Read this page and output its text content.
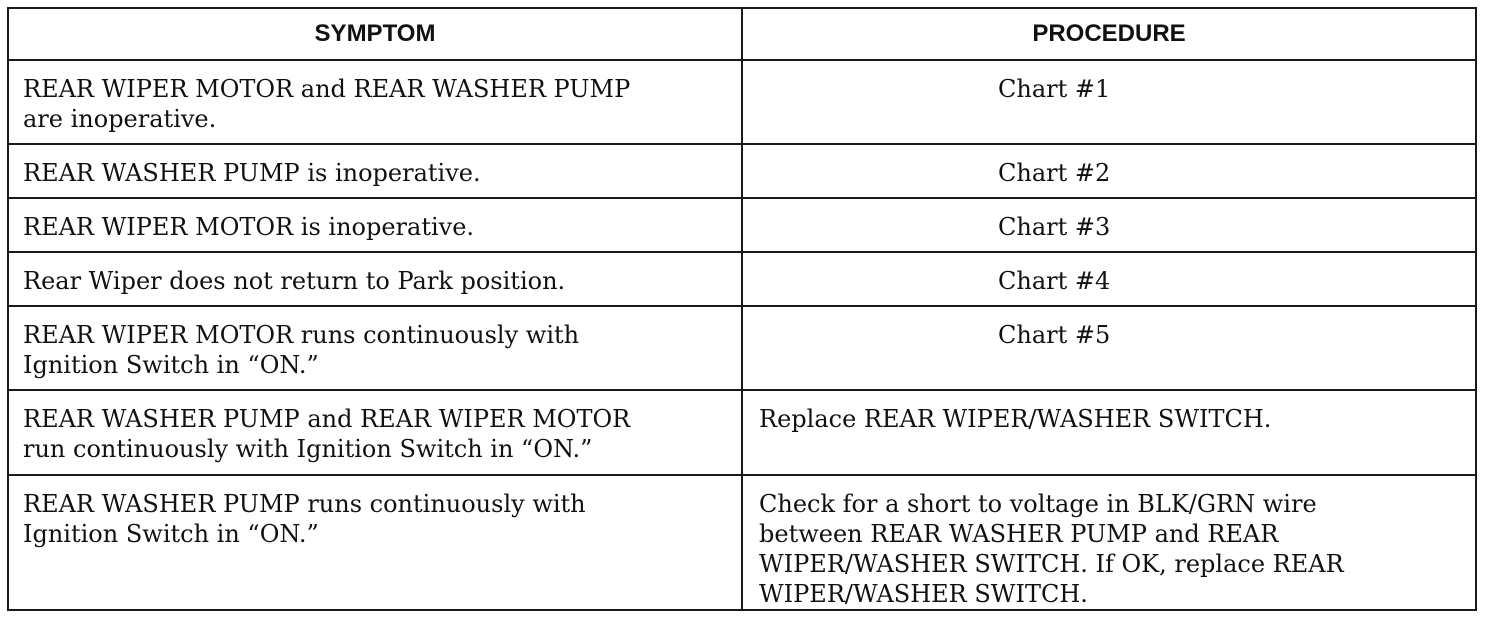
SYMPTOM	PROCEDURE
REAR WIPER MOTOR and REAR WASHER PUMP
are inoperative.	Chart #1
REAR WASHER PUMP is inoperative.	Chart #2
REAR WIPER MOTOR is inoperative.	Chart #3
Rear Wiper does not return to Park position.	Chart #4
REAR WIPER MOTOR runs continuously with
Ignition Switch in “ON.”	Chart #5
REAR WASHER PUMP and REAR WIPER MOTOR
run continuously with Ignition Switch in “ON.”	Replace REAR WIPER/WASHER SWITCH.
REAR WASHER PUMP runs continuously with
Ignition Switch in “ON.”	Check for a short to voltage in BLK/GRN wire
between REAR WASHER PUMP and REAR
WIPER/WASHER SWITCH. If OK, replace REAR
WIPER/WASHER SWITCH.
